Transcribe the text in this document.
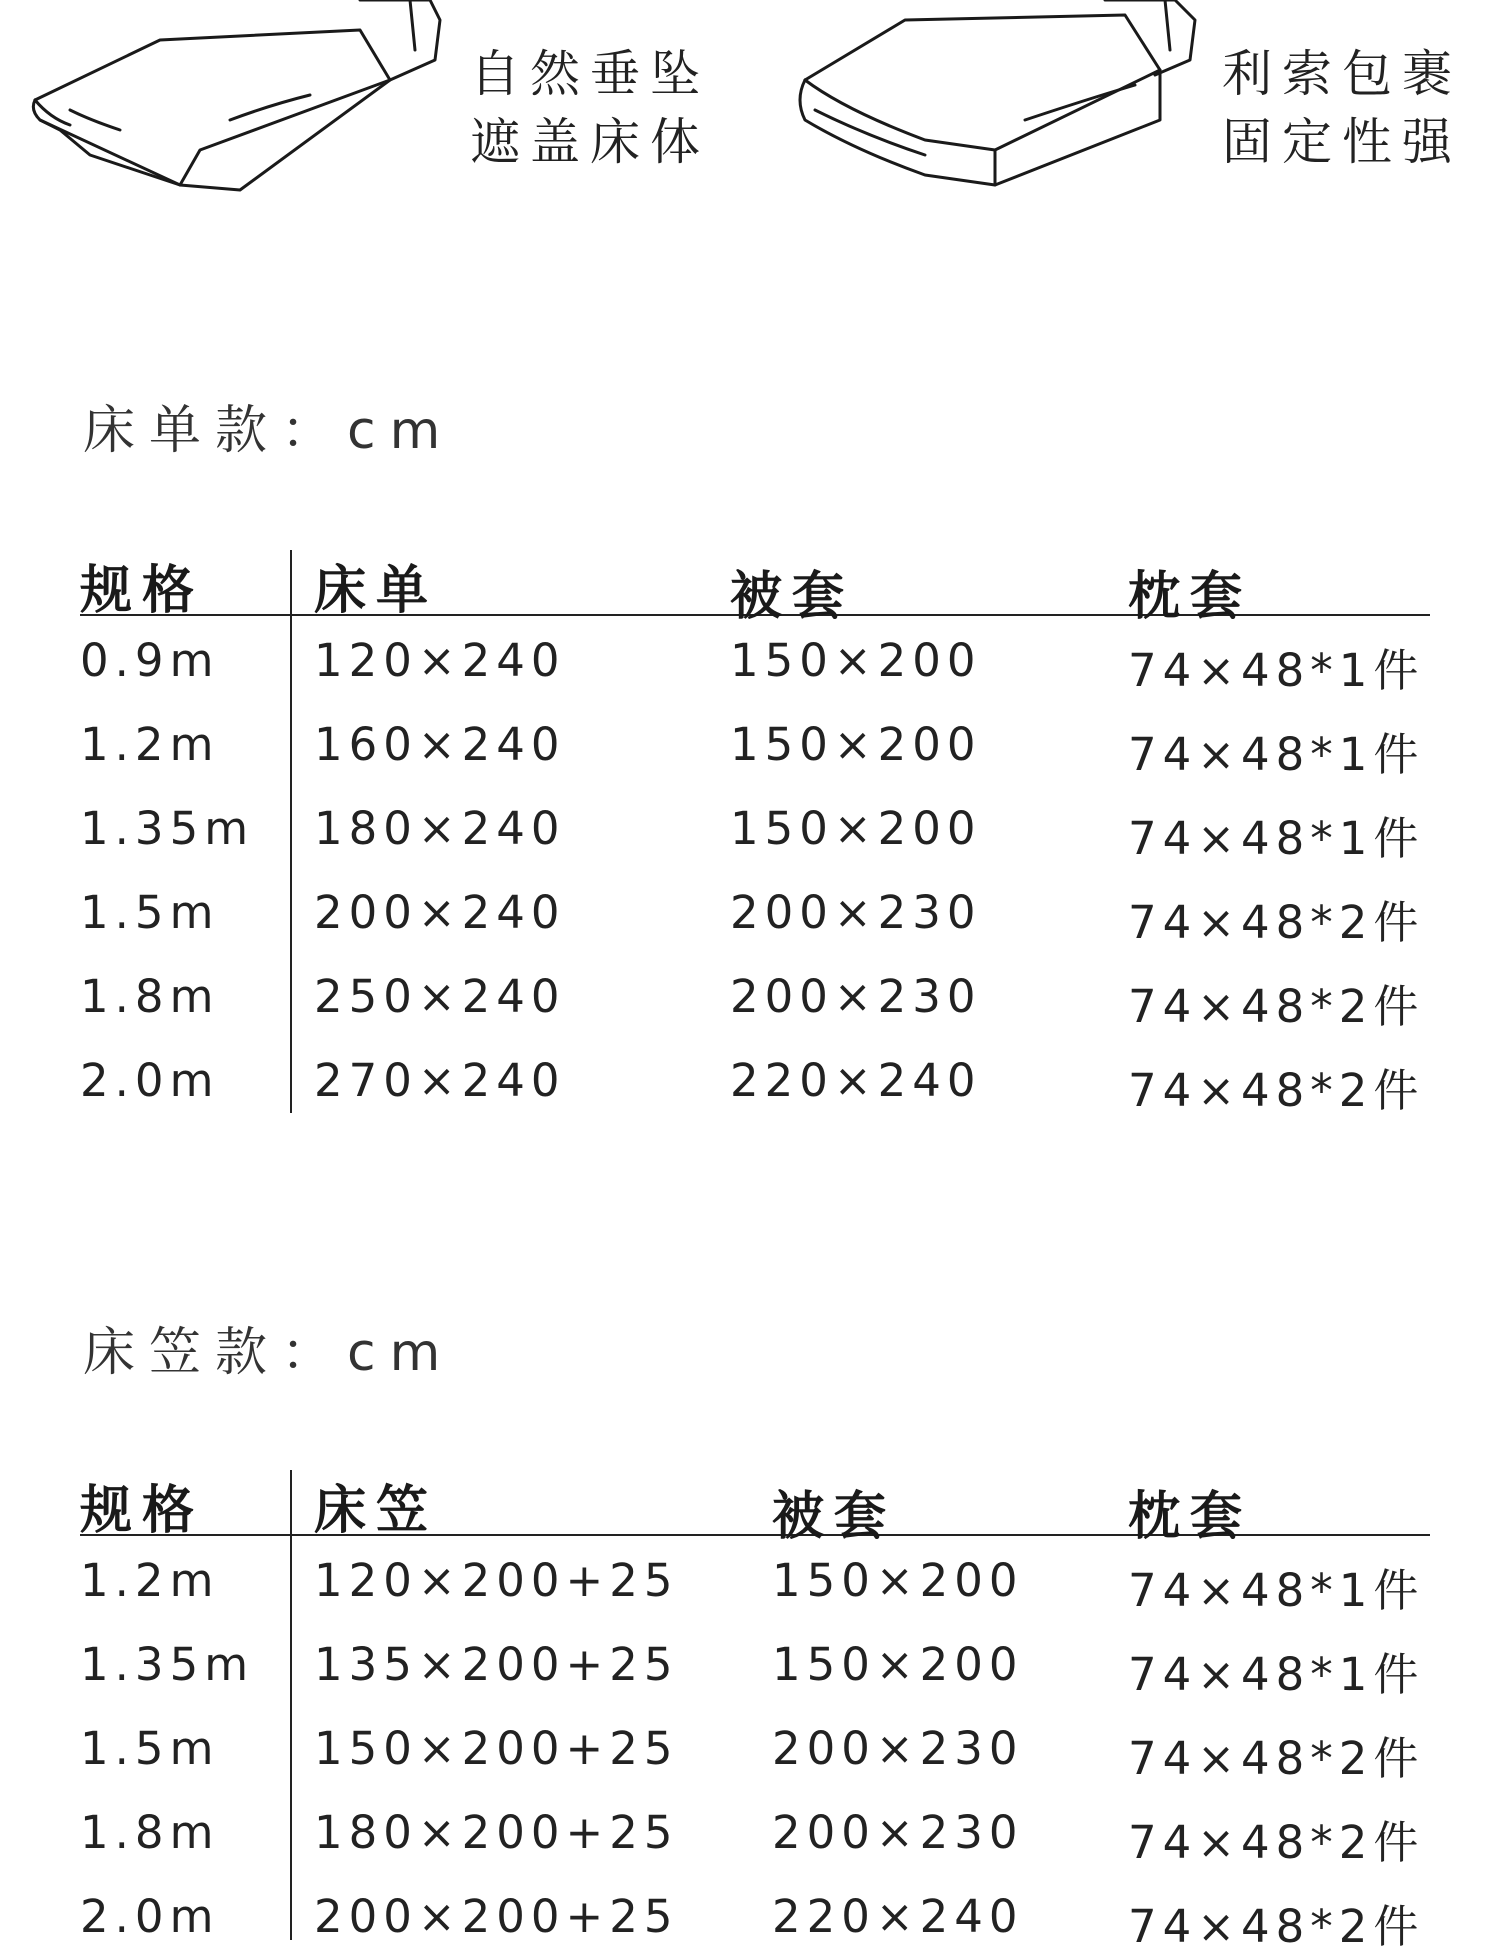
自然垂坠
遮盖床体
利索包裹
固定性强
床单款：cm
规格 床单	被套	枕套
0.9m 120×240	150×200	74×48*1件
1.2m 160×240	150×200	74×48*1件
1.35m 180×240	150×200	74×48*1件
1.5m 200×240	200×230	74×48*2件
1.8m 250×240	200×230	74×48*2件
2.0m 270×240	220×240	74×48*2件
床笠款：cm
规格 床笠	被套	枕套
1.2m 120×200+25 150×200 74×48*1件
1.35m 135×200+25 150×200 74×48*1件
1.5m 150×200+25 200×230 74×48*2件
1.8m 180×200+25 200×230 74×48*2件
2.0m 200×200+25 220×240 74×48*2件
